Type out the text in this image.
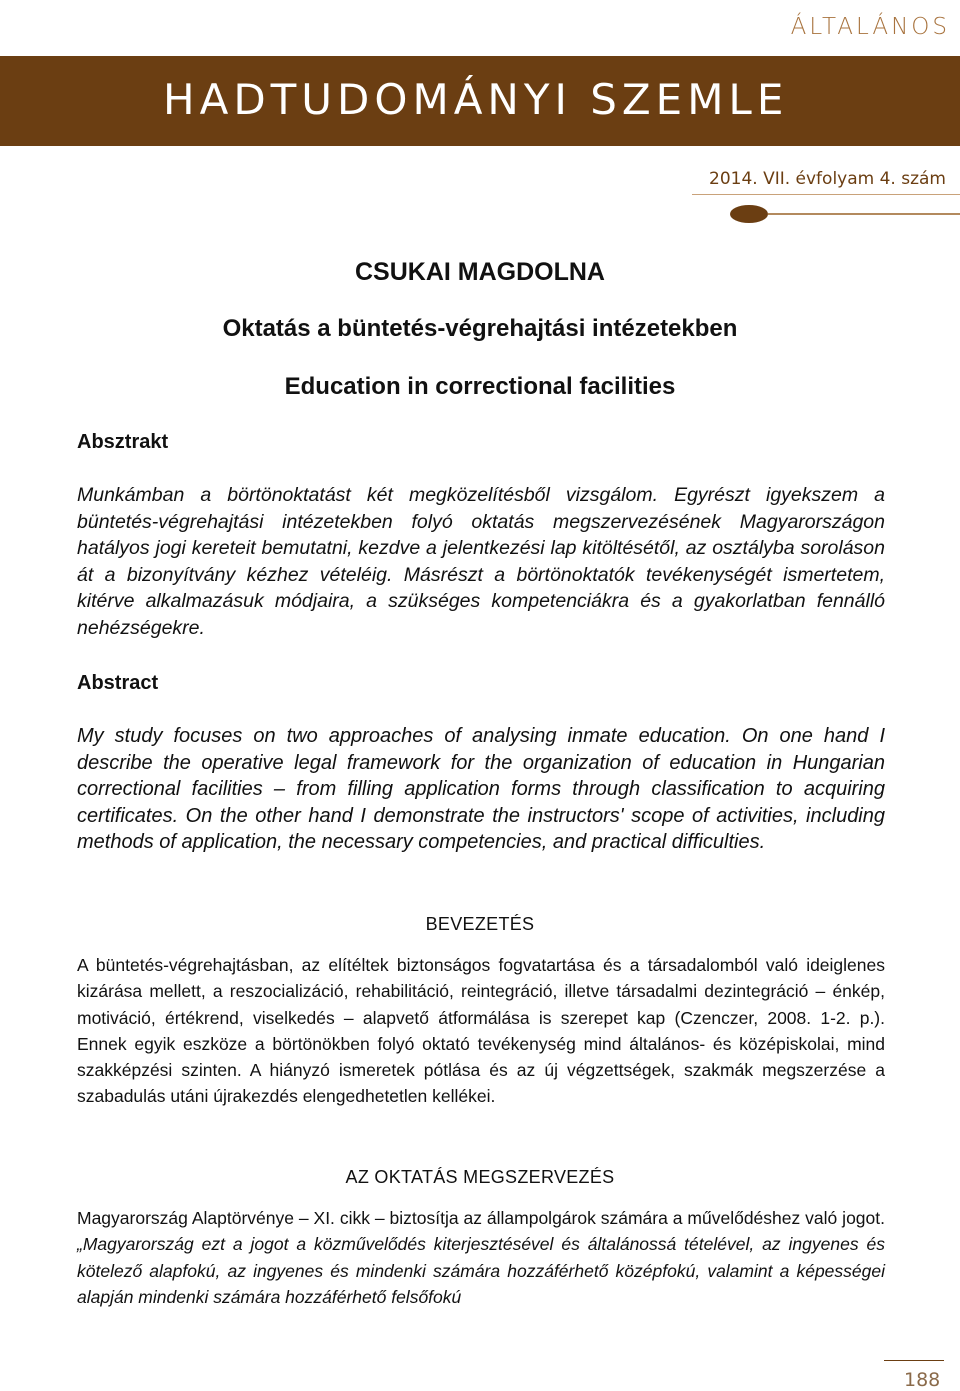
ÁLTALÁNOS
HADTUDOMÁNYI SZEMLE
2014. VII. évfolyam 4. szám
CSUKAI MAGDOLNA
Oktatás a büntetés-végrehajtási intézetekben
Education in correctional facilities
Absztrakt
Munkámban a börtönoktatást két megközelítésből vizsgálom. Egyrészt igyekszem a büntetés-végrehajtási intézetekben folyó oktatás megszervezésének Magyarországon hatályos jogi kereteit bemutatni, kezdve a jelentkezési lap kitöltésétől, az osztályba soroláson át a bizonyítvány kézhez vételéig. Másrészt a börtönoktatók tevékenységét ismertetem, kitérve alkalmazásuk módjaira, a szükséges kompetenciákra és a gyakorlatban fennálló nehézségekre.
Abstract
My study focuses on two approaches of analysing inmate education. On one hand I describe the operative legal framework for the organization of education in Hungarian correctional facilities – from filling application forms through classification to acquiring certificates. On the other hand I demonstrate the instructors' scope of activities, including methods of application, the necessary competencies, and practical difficulties.
BEVEZETÉS
A büntetés-végrehajtásban, az elítéltek biztonságos fogvatartása és a társadalomból való ideiglenes kizárása mellett, a reszocializáció, rehabilitáció, reintegráció, illetve társadalmi dezintegráció – énkép, motiváció, értékrend, viselkedés – alapvető átformálása is szerepet kap (Czenczer, 2008. 1-2. p.). Ennek egyik eszköze a börtönökben folyó oktató tevékenység mind általános- és középiskolai, mind szakképzési szinten. A hiányzó ismeretek pótlása és az új végzettségek, szakmák megszerzése a szabadulás utáni újrakezdés elengedhetetlen kellékei.
AZ OKTATÁS MEGSZERVEZÉS
Magyarország Alaptörvénye – XI. cikk – biztosítja az állampolgárok számára a művelődéshez való jogot. „Magyarország ezt a jogot a közművelődés kiterjesztésével és általánossá tételével, az ingyenes és kötelező alapfokú, az ingyenes és mindenki számára hozzáférhető középfokú, valamint a képességei alapján mindenki számára hozzáférhető felsőfokú
188
